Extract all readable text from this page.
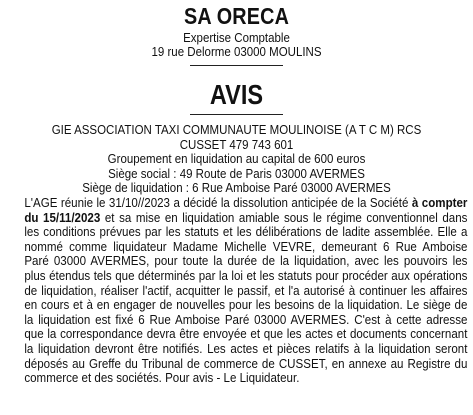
SA ORECA
Expertise Comptable
19 rue Delorme 03000 MOULINS
AVIS
GIE ASSOCIATION TAXI COMMUNAUTE MOULINOISE (A T C M) RCS
CUSSET 479 743 601
Groupement en liquidation au capital de 600 euros
Siège social : 49 Route de Paris 03000 AVERMES
Siège de liquidation : 6 Rue Amboise Paré 03000 AVERMES

L'AGE réunie le 31/10//2023 a décidé la dissolution anticipée de la Société à compter du 15/11/2023 et sa mise en liquidation amiable sous le régime conventionnel dans les conditions prévues par les statuts et les délibérations de ladite assemblée. Elle a nommé comme liquidateur Madame Michelle VEVRE, demeurant 6 Rue Amboise Paré 03000 AVERMES, pour toute la durée de la liquidation, avec les pouvoirs les plus étendus tels que déterminés par la loi et les statuts pour procéder aux opérations de liquidation, réaliser l'actif, acquitter le passif, et l'a autorisé à continuer les affaires en cours et à en engager de nouvelles pour les besoins de la liquidation. Le siège de la liquidation est fixé 6 Rue Amboise Paré 03000 AVERMES. C'est à cette adresse que la correspondance devra être envoyée et que les actes et documents concernant la liquidation devront être notifiés. Les actes et pièces relatifs à la liquidation seront déposés au Greffe du Tribunal de commerce de CUSSET, en annexe au Registre du commerce et des sociétés. Pour avis - Le Liquidateur.
